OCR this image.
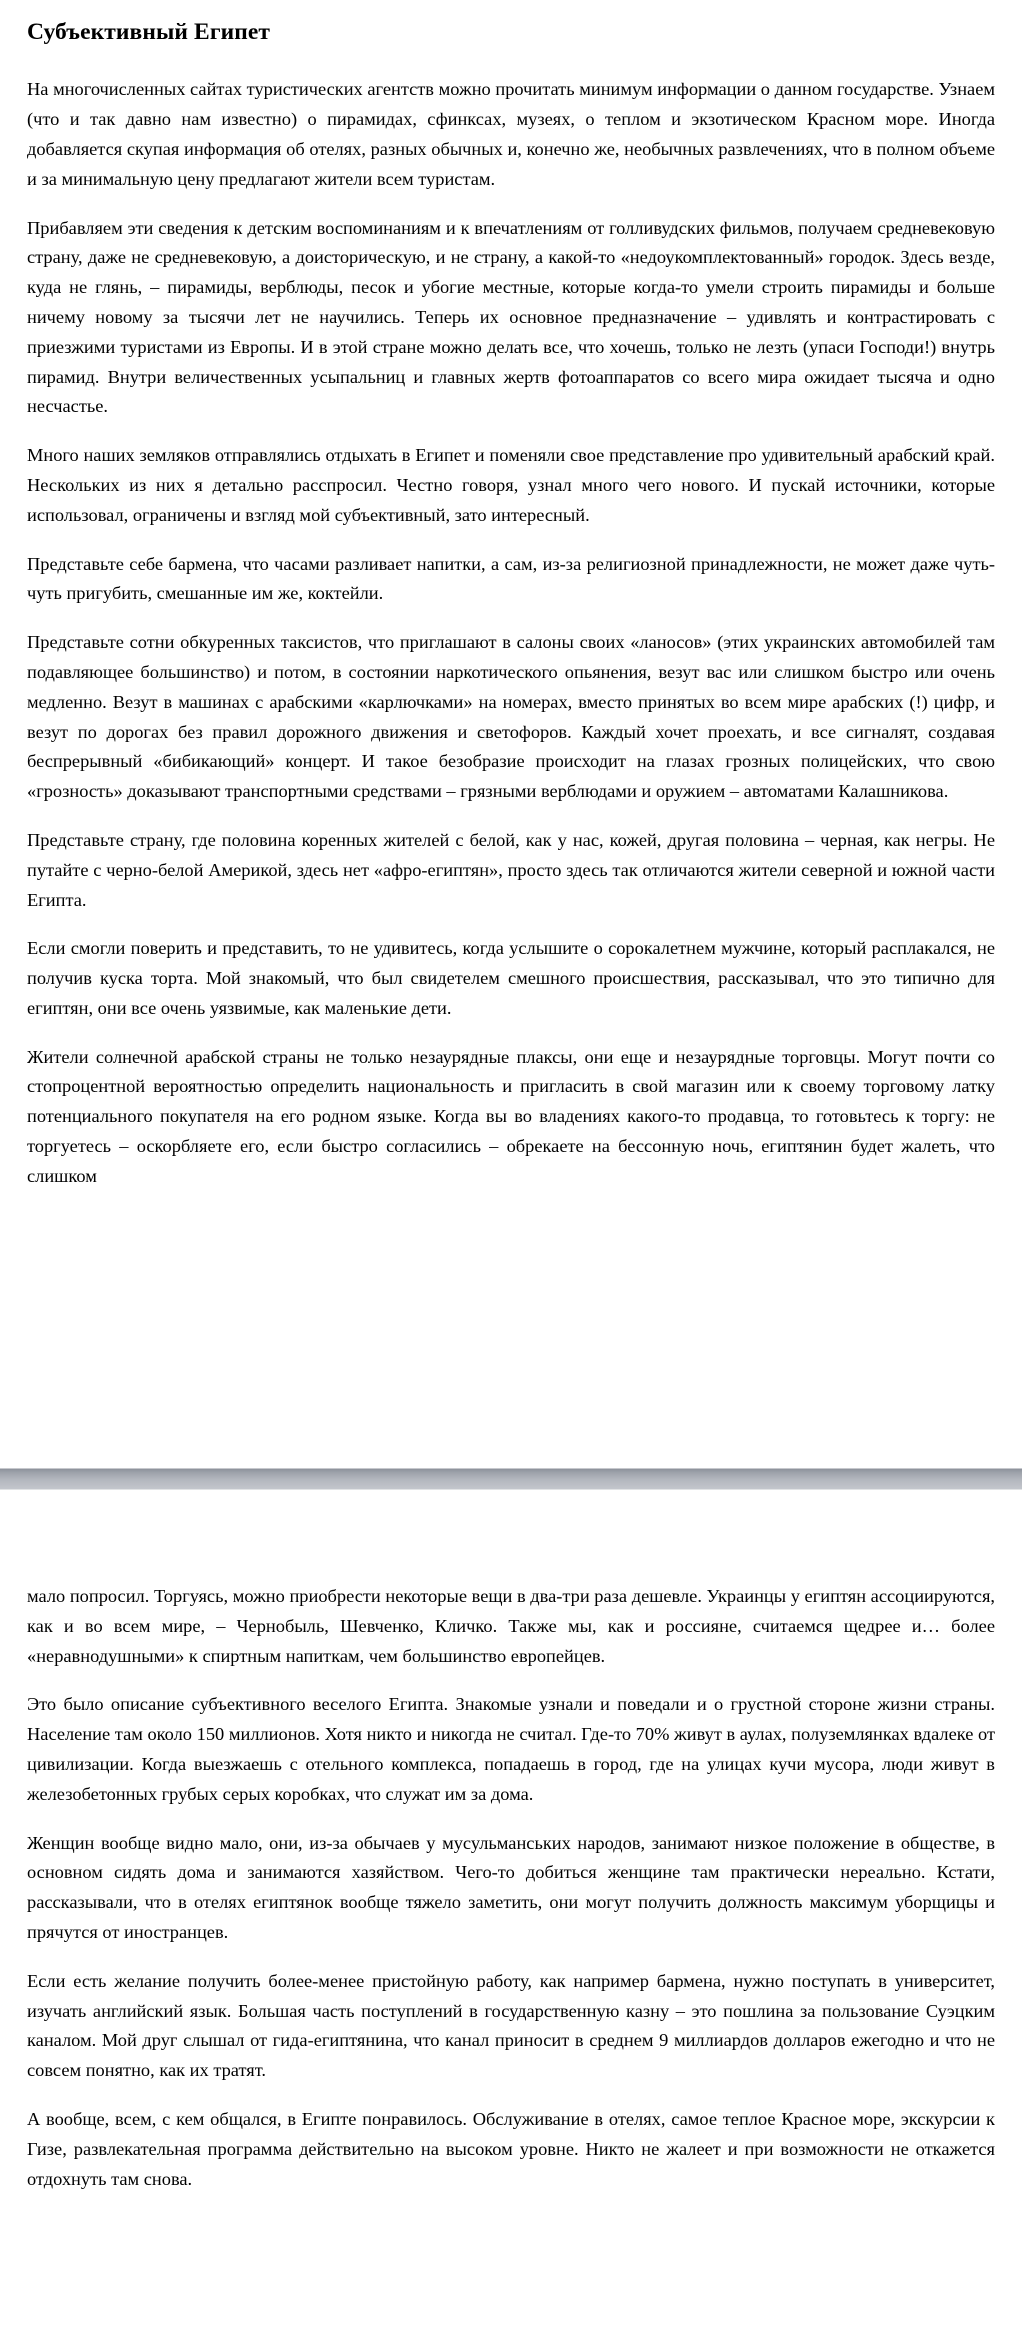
Субъективный Египет

На многочисленных сайтах туристических агентств можно прочитать минимум информации о данном государстве. Узнаем (что и так давно нам известно) о пирамидах, сфинксах, музеях, о теплом и экзотическом Красном море. Иногда добавляется скупая информация об отелях, разных обычных и, конечно же, необычных развлечениях, что в полном объеме и за минимальную цену предлагают жители всем туристам.

Прибавляем эти сведения к детским воспоминаниям и к впечатлениям от голливудских фильмов, получаем средневековую страну, даже не средневековую, а доисторическую, и не страну, а какой-то «недоукомплектованный» городок. Здесь везде, куда не глянь, – пирамиды, верблюды, песок и убогие местные, которые когда-то умели строить пирамиды и больше ничему новому за тысячи лет не научились. Теперь их основное предназначение – удивлять и контрастировать с приезжими туристами из Европы. И в этой стране можно делать все, что хочешь, только не лезть (упаси Господи!) внутрь пирамид. Внутри величественных усыпальниц и главных жертв фотоаппаратов со всего мира ожидает тысяча и одно несчастье.

Много наших земляков отправлялись отдыхать в Египет и поменяли свое представление про удивительный арабский край. Нескольких из них я детально расспросил. Честно говоря, узнал много чего нового. И пускай источники, которые использовал, ограничены и взгляд мой субъективный, зато интересный.

Представьте себе бармена, что часами разливает напитки, а сам, из-за религиозной принадлежности, не может даже чуть-чуть пригубить, смешанные им же, коктейли.

Представьте сотни обкуренных таксистов, что приглашают в салоны своих «ланосов» (этих украинских автомобилей там подавляющее большинство) и потом, в состоянии наркотического опьянения, везут вас или слишком быстро или очень медленно. Везут в машинах с арабскими «карлючками» на номерах, вместо принятых во всем мире арабских (!) цифр, и везут по дорогах без правил дорожного движения и светофоров. Каждый хочет проехать, и все сигналят, создавая беспрерывный «бибикающий» концерт. И такое безобразие происходит на глазах грозных полицейских, что свою «грозность» доказывают транспортными средствами – грязными верблюдами и оружием – автоматами Калашникова.

Представьте страну, где половина коренных жителей с белой, как у нас, кожей, другая половина – черная, как негры. Не путайте с черно-белой Америкой, здесь нет «афро-египтян», просто здесь так отличаются жители северной и южной части Египта.

Если смогли поверить и представить, то не удивитесь, когда услышите о сорокалетнем мужчине, который расплакался, не получив куска торта. Мой знакомый, что был свидетелем смешного происшествия, рассказывал, что это типично для египтян, они все очень уязвимые, как маленькие дети.

Жители солнечной арабской страны не только незаурядные плаксы, они еще и незаурядные торговцы. Могут почти со стопроцентной вероятностью определить национальность и пригласить в свой магазин или к своему торговому латку потенциального покупателя на его родном языке. Когда вы во владениях какого-то продавца, то готовьтесь к торгу: не торгуетесь – оскорбляете его, если быстро согласились – обрекаете на бессонную ночь, египтянин будет жалеть, что слишком

мало попросил. Торгуясь, можно приобрести некоторые вещи в два-три раза дешевле. Украинцы у египтян ассоциируются, как и во всем мире, – Чернобыль, Шевченко, Кличко. Также мы, как и россияне, считаемся щедрее и… более «неравнодушными» к спиртным напиткам, чем большинство европейцев.

Это было описание субъективного веселого Египта. Знакомые узнали и поведали и о грустной стороне жизни страны. Население там около 150 миллионов. Хотя никто и никогда не считал. Где-то 70% живут в аулах, полуземлянках вдалеке от цивилизации. Когда выезжаешь с отельного комплекса, попадаешь в город, где на улицах кучи мусора, люди живут в железобетонных грубых серых коробках, что служат им за дома.

Женщин вообще видно мало, они, из-за обычаев у мусульманських народов, занимают низкое положение в обществе, в основном сидять дома и занимаются хазяйством. Чего-то добиться женщине там практически нереально. Кстати, рассказывали, что в отелях египтянок вообще тяжело заметить, они могут получить должность максимум уборщицы и прячутся от иностранцев.

Если есть желание получить более-менее пристойную работу, как например бармена, нужно поступать в университет, изучать английский язык. Большая часть поступлений в государственную казну – это пошлина за пользование Суэцким каналом. Мой друг слышал от гида-египтянина, что канал приносит в среднем 9 миллиардов долларов ежегодно и что не совсем понятно, как их тратят.

А вообще, всем, с кем общался, в Египте понравилось. Обслуживание в отелях, самое теплое Красное море, экскурсии к Гизе, развлекательная программа действительно на высоком уровне. Никто не жалеет и при возможности не откажется отдохнуть там снова.
